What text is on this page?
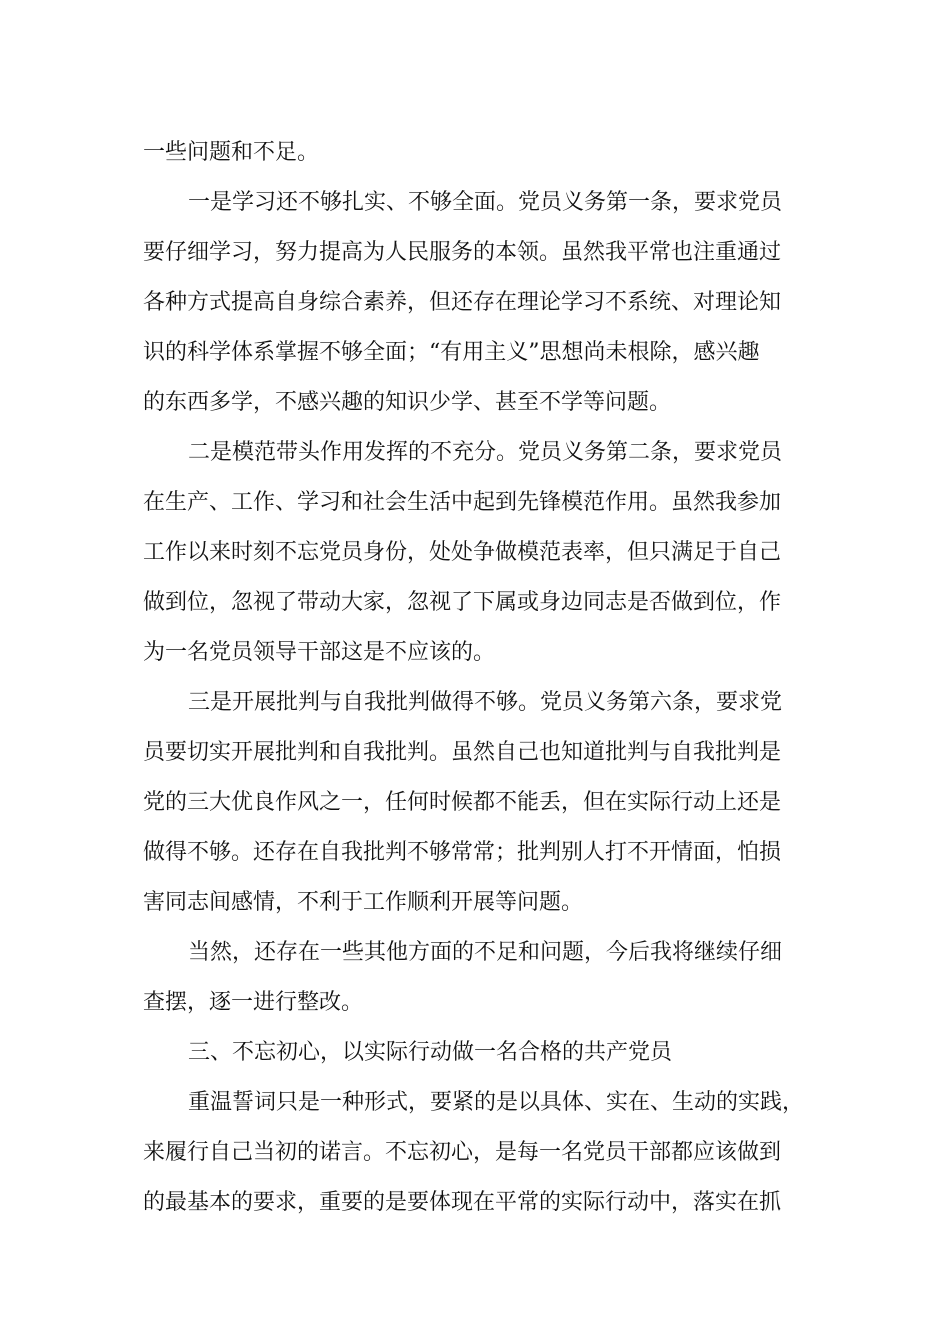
一些问题和不足。
一是学习还不够扎实、不够全面。党员义务第一条，要求党员
要仔细学习，努力提高为人民服务的本领。虽然我平常也注重通过
各种方式提高自身综合素养，但还存在理论学习不系统、对理论知
识的科学体系掌握不够全面；“有用主义”思想尚未根除，感兴趣
的东西多学，不感兴趣的知识少学、甚至不学等问题。
二是模范带头作用发挥的不充分。党员义务第二条，要求党员
在生产、工作、学习和社会生活中起到先锋模范作用。虽然我参加
工作以来时刻不忘党员身份，处处争做模范表率，但只满足于自己
做到位，忽视了带动大家，忽视了下属或身边同志是否做到位，作
为一名党员领导干部这是不应该的。
三是开展批判与自我批判做得不够。党员义务第六条，要求党
员要切实开展批判和自我批判。虽然自己也知道批判与自我批判是
党的三大优良作风之一，任何时候都不能丢，但在实际行动上还是
做得不够。还存在自我批判不够常常；批判别人打不开情面，怕损
害同志间感情，不利于工作顺利开展等问题。
当然，还存在一些其他方面的不足和问题，今后我将继续仔细
查摆，逐一进行整改。
三、不忘初心，以实际行动做一名合格的共产党员
重温誓词只是一种形式，要紧的是以具体、实在、生动的实践，
来履行自己当初的诺言。不忘初心，是每一名党员干部都应该做到
的最基本的要求，重要的是要体现在平常的实际行动中，落实在抓
